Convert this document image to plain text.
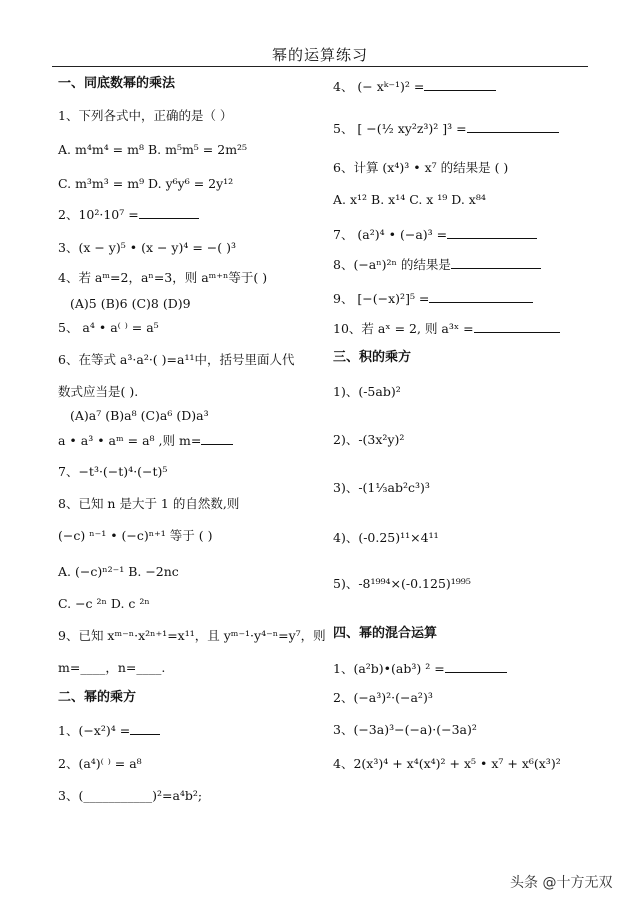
幂的运算练习
一、同底数幂的乘法
1、下列各式中，正确的是（ ）
A. m⁴m⁴ = m⁸ B. m⁵m⁵ = 2m²⁵
C. m³m³ = m⁹ D. y⁶y⁶ = 2y¹²
2、10²·10⁷ =
3、(x − y)⁵ • (x − y)⁴ = −( )³
4、若 aᵐ=2，aⁿ=3，则 aᵐ⁺ⁿ等于( )
(A)5 (B)6 (C)8 (D)9
5、 a⁴ • a⁽ ⁾ = a⁵
6、在等式 a³·a²·( )=a¹¹中，括号里面人代
数式应当是( ).
(A)a⁷ (B)a⁸ (C)a⁶ (D)a³
a • a³ • aᵐ = a⁸ ,则 m=
7、−t³·(−t)⁴·(−t)⁵
8、已知 n 是大于 1 的自然数,则
(−c) ⁿ⁻¹ • (−c)ⁿ⁺¹ 等于 ( )
A. (−c)ⁿ²⁻¹ B. −2nc
C. −c ²ⁿ D. c ²ⁿ
9、已知 xᵐ⁻ⁿ·x²ⁿ⁺¹=x¹¹，且 yᵐ⁻¹·y⁴⁻ⁿ=y⁷，则
m=____，n=____.
二、幂的乘方
1、(−x²)⁴ =
2、(a⁴)⁽ ⁾ = a⁸
3、(___________)²=a⁴b²;
4、 (− xᵏ⁻¹)² =
5、 [ −(½ xy²z³)² ]³ =
6、计算 (x⁴)³ • x⁷ 的结果是 ( )
A. x¹² B. x¹⁴ C. x ¹⁹ D. x⁸⁴
7、 (a²)⁴ • (−a)³ =
8、(−aⁿ)²ⁿ 的结果是
9、 [−(−x)²]⁵ =
10、若 aˣ = 2, 则 a³ˣ =
三、积的乘方
1)、(-5ab)²
2)、-(3x²y)²
3)、-(1⅓ab²c³)³
4)、(-0.25)¹¹×4¹¹
5)、-8¹⁹⁹⁴×(-0.125)¹⁹⁹⁵
四、幂的混合运算
1、(a²b)•(ab³) ² =
2、(−a³)²·(−a²)³
3、(−3a)³−(−a)·(−3a)²
4、2(x³)⁴ + x⁴(x⁴)² + x⁵ • x⁷ + x⁶(x³)²
头条 @十方无双
